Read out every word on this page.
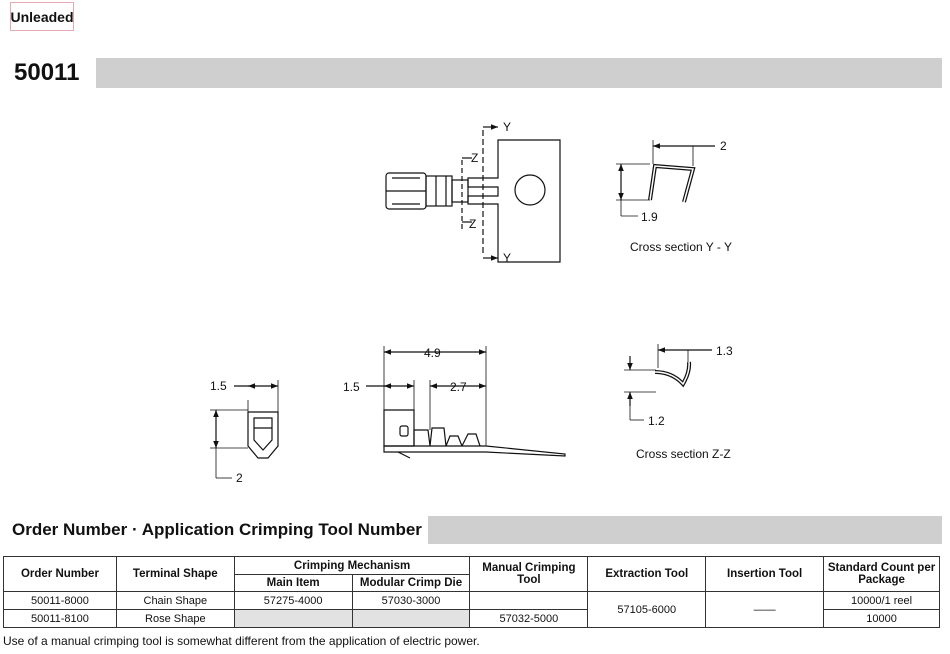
Unleaded
50011
Y
Y
Z
Z
2
1.9
Cross section Y - Y
1.5
2
4.9
1.5	2.7
1.3
1.2
Cross section Z-Z
Order Number · Application Crimping Tool Number
Order Number	Terminal Shape	Crimping Mechanism		Manual Crimping Tool	Extraction Tool	Insertion Tool	Standard Count per Package
		Main Item	Modular Crimp Die				
50011-8000	Chain Shape	57275-4000	57030-3000		57105-6000	——	10000/1 reel
50011-8100	Rose Shape			57032-5000			10000
Use of a manual crimping tool is somewhat different from the application of electric power.
